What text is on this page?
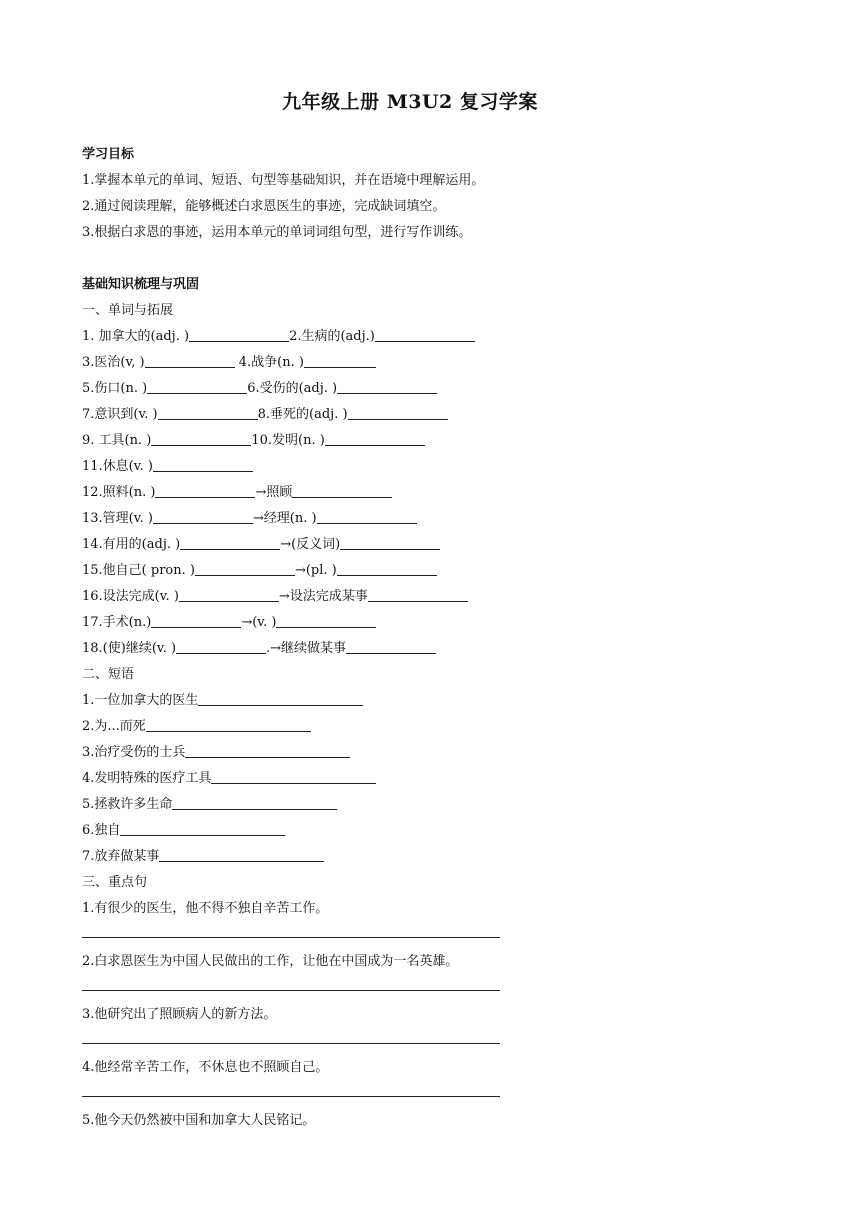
九年级上册 M3U2 复习学案
学习目标
1.掌握本单元的单词、短语、句型等基础知识，并在语境中理解运用。
2.通过阅读理解，能够概述白求恩医生的事迹，完成缺词填空。
3.根据白求恩的事迹，运用本单元的单词词组句型，进行写作训练。
基础知识梳理与巩固
一、单词与拓展
1. 加拿大的(adj. )	2.生病的(adj.)
3.医治(v, )	4.战争(n. )
5.伤口(n. )	6.受伤的(adj. )
7.意识到(v. )	8.垂死的(adj. )
9. 工具(n. )	10.发明(n. )
11.休息(v. )
12.照料(n. )	→照顾
13.管理(v. )	→经理(n. )
14.有用的(adj. )	→(反义词)
15.他自己( pron. )	→(pl. )
16.设法完成(v. )	→设法完成某事
17.手术(n.)	→(v. )
18.(使)继续(v. )	.→继续做某事
二、短语
1.一位加拿大的医生
2.为...而死
3.治疗受伤的士兵
4.发明特殊的医疗工具
5.拯救许多生命
6.独自
7.放弃做某事
三、重点句
1.有很少的医生，他不得不独自辛苦工作。
2.白求恩医生为中国人民做出的工作，让他在中国成为一名英雄。
3.他研究出了照顾病人的新方法。
4.他经常辛苦工作，不休息也不照顾自己。
5.他今天仍然被中国和加拿大人民铭记。
